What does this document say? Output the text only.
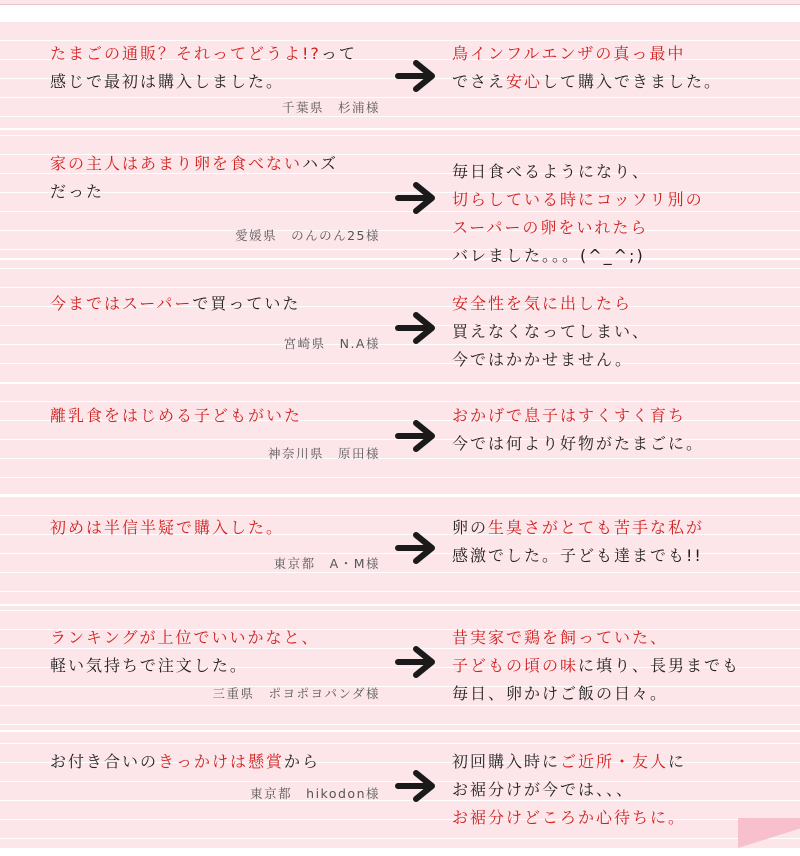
たまごの通販？それってどうよ!?って
感じで最初は購入しました。
千葉県　杉浦様
鳥インフルエンザの真っ最中
でさえ安心して購入できました。
家の主人はあまり卵を食べないハズ
だった
愛媛県　のんのん25様
毎日食べるようになり、
切らしている時にコッソリ別の
スーパーの卵をいれたら
バレました。。。(^_^;)
今まではスーパーで買っていた
宮崎県　N.A様
安全性を気に出したら
買えなくなってしまい、
今ではかかせません。
離乳食をはじめる子どもがいた
神奈川県　原田様
おかげで息子はすくすく育ち
今では何より好物がたまごに。
初めは半信半疑で購入した。
東京都　A・M様
卵の生臭さがとても苦手な私が
感激でした。子ども達までも!!
ランキングが上位でいいかなと、
軽い気持ちで注文した。
三重県　ポヨポヨパンダ様
昔実家で鶏を飼っていた、
子どもの頃の味に填り、長男までも
毎日、卵かけご飯の日々。
お付き合いのきっかけは懸賞から
東京都　hikodon様
初回購入時にご近所・友人に
お裾分けが今では、、、
お裾分けどころか心待ちに。
